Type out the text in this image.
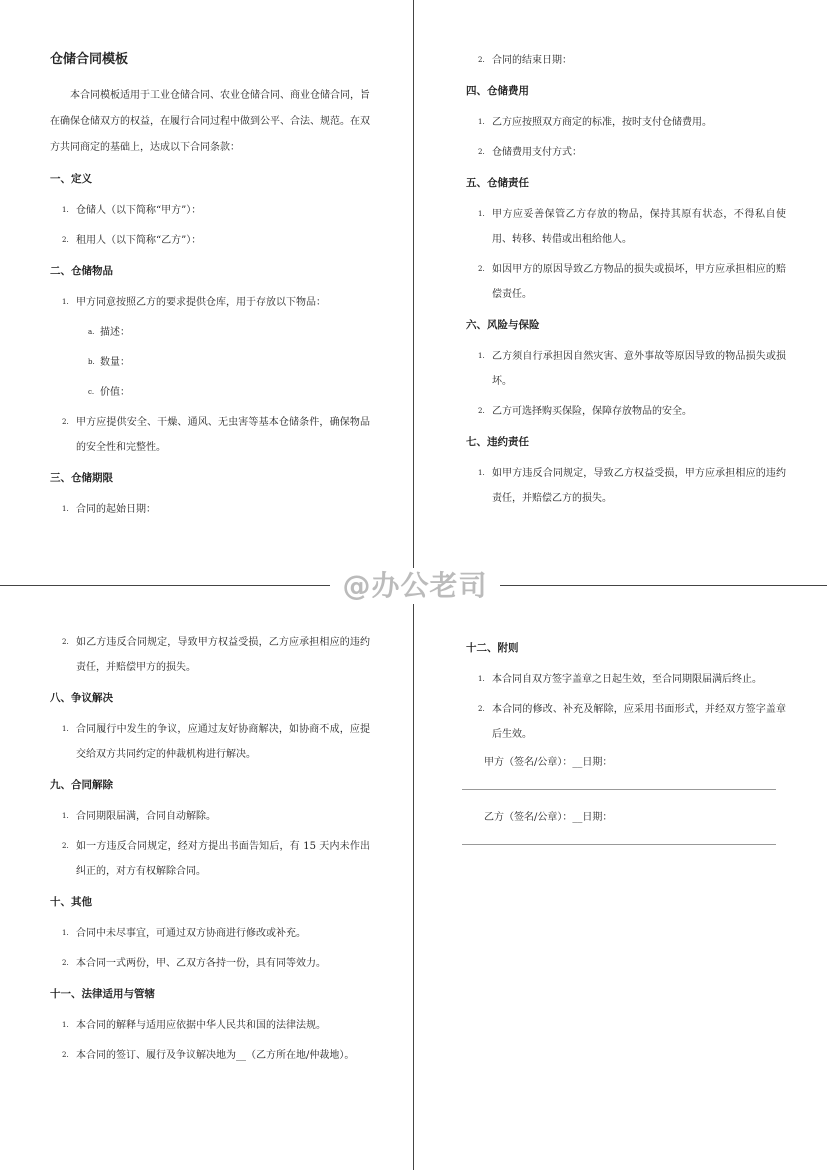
仓储合同模板
本合同模板适用于工业仓储合同、农业仓储合同、商业仓储合同，旨在确保仓储双方的权益，在履行合同过程中做到公平、合法、规范。在双方共同商定的基础上，达成以下合同条款：
一、定义
1. 仓储人（以下简称“甲方”）：
2. 租用人（以下简称“乙方”）：
二、仓储物品
1. 甲方同意按照乙方的要求提供仓库，用于存放以下物品：
a. 描述：
b. 数量：
c. 价值：
2. 甲方应提供安全、干燥、通风、无虫害等基本仓储条件，确保物品的安全性和完整性。
三、仓储期限
1. 合同的起始日期：
2. 合同的结束日期：
四、仓储费用
1. 乙方应按照双方商定的标准，按时支付仓储费用。
2. 仓储费用支付方式：
五、仓储责任
1. 甲方应妥善保管乙方存放的物品，保持其原有状态，不得私自使用、转移、转借或出租给他人。
2. 如因甲方的原因导致乙方物品的损失或损坏，甲方应承担相应的赔偿责任。
六、风险与保险
1. 乙方须自行承担因自然灾害、意外事故等原因导致的物品损失或损坏。
2. 乙方可选择购买保险，保障存放物品的安全。
七、违约责任
1. 如甲方违反合同规定，导致乙方权益受损，甲方应承担相应的违约责任，并赔偿乙方的损失。
2. 如乙方违反合同规定，导致甲方权益受损，乙方应承担相应的违约责任，并赔偿甲方的损失。
八、争议解决
1. 合同履行中发生的争议，应通过友好协商解决，如协商不成，应提交给双方共同约定的仲裁机构进行解决。
九、合同解除
1. 合同期限届满，合同自动解除。
2. 如一方违反合同规定，经对方提出书面告知后，有 15 天内未作出纠正的，对方有权解除合同。
十、其他
1. 合同中未尽事宜，可通过双方协商进行修改或补充。
2. 本合同一式两份，甲、乙双方各持一份，具有同等效力。
十一、法律适用与管辖
1. 本合同的解释与适用应依据中华人民共和国的法律法规。
2. 本合同的签订、履行及争议解决地为__（乙方所在地/仲裁地）。
十二、附则
1. 本合同自双方签字盖章之日起生效，至合同期限届满后终止。
2. 本合同的修改、补充及解除，应采用书面形式，并经双方签字盖章后生效。
甲方（签名/公章）：__日期：
乙方（签名/公章）：__日期：
@办公老司
